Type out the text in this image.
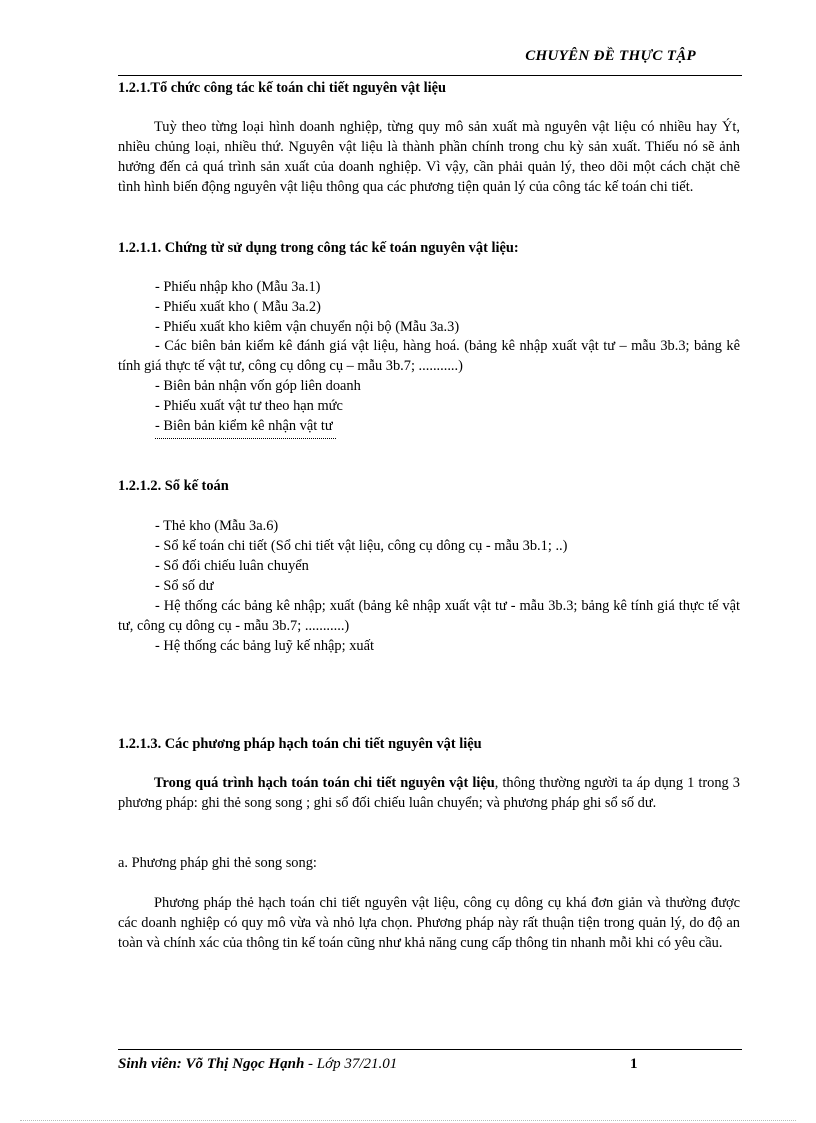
CHUYÊN ĐỀ THỰC TẬP

1.2.1.Tổ chức công tác kế toán chi tiết nguyên vật liệu

Tuỳ theo từng loại hình doanh nghiệp, từng quy mô sản xuất mà nguyên vật liệu có nhiều hay Ýt, nhiều chủng loại, nhiều thứ. Nguyên vật liệu là thành phần chính trong chu kỳ sản xuất. Thiếu nó sẽ ảnh hưởng đến cả quá trình sản xuất của doanh nghiệp. Vì vậy, cần phải quản lý, theo dõi một cách chặt chẽ tình hình biến động nguyên vật liệu thông qua các phương tiện quản lý của công tác kế toán chi tiết.

1.2.1.1. Chứng từ sử dụng trong công tác kế toán nguyên vật liệu:

- Phiếu nhập kho (Mẫu 3a.1)

- Phiếu xuất kho ( Mẫu 3a.2)

- Phiếu xuất kho kiêm vận chuyển nội bộ (Mẫu 3a.3)

- Các biên bản kiểm kê đánh giá vật liệu, hàng hoá. (bảng kê nhập xuất vật tư – mẫu 3b.3; bảng kê tính giá thực tế vật tư, công cụ dông cụ – mẫu 3b.7; ...........)

- Biên bản nhận vốn góp liên doanh

- Phiếu xuất vật tư theo hạn mức

- Biên bản kiểm kê nhận vật tư

1.2.1.2. Sổ kế toán

- Thẻ kho (Mẫu 3a.6)

- Sổ kế toán chi tiết (Sổ chi tiết vật liệu, công cụ dông cụ - mẫu 3b.1; ..)

- Sổ đối chiếu luân chuyển

- Sổ số dư

- Hệ thống các bảng kê nhập; xuất (bảng kê nhập xuất vật tư - mẫu 3b.3; bảng kê tính giá thực tế vật tư, công cụ dông cụ - mẫu 3b.7; ...........)

- Hệ thống các bảng luỹ kế nhập; xuất

1.2.1.3. Các phương pháp hạch toán chi tiết nguyên vật liệu

Trong quá trình hạch toán toán chi tiết nguyên vật liệu, thông thường người ta áp dụng 1 trong 3 phương pháp: ghi thẻ song song ; ghi sổ đối chiếu luân chuyển; và phương pháp ghi sổ số dư.

a. Phương pháp ghi thẻ song song:

Phương pháp thẻ hạch toán chi tiết nguyên vật liệu, công cụ dông cụ khá đơn giản và thường được các doanh nghiệp có quy mô vừa và nhỏ lựa chọn. Phương pháp này rất thuận tiện trong quản lý, do độ an toàn và chính xác của thông tin kế toán cũng như khả năng cung cấp thông tin nhanh mỗi khi có yêu cầu.

Sinh viên: Võ Thị Ngọc Hạnh - Lớp 37/21.01	1
